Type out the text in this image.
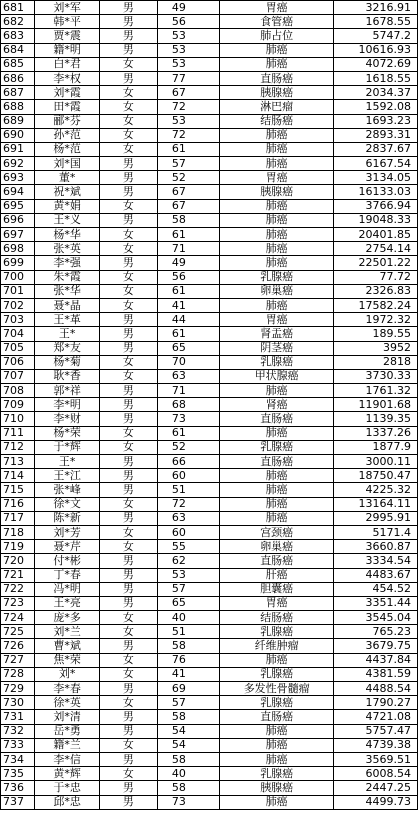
681	刘*军	男	49	胃癌	3216.91
682	韩*平	男	56	食管癌	1678.55
683	贾*震	男	53	肺占位	5747.2
684	籍*明	男	53	肺癌	10616.93
685	白*君	女	53	肺癌	4072.69
686	李*权	男	77	直肠癌	1618.55
687	刘*霞	女	67	胰腺癌	2034.37
688	田*霞	女	72	淋巴瘤	1592.08
689	郦*芬	女	53	结肠癌	1693.23
690	孙*范	女	72	肺癌	2893.31
691	杨*范	女	61	肺癌	2837.67
692	刘*国	男	57	肺癌	6167.54
693	董*	男	52	胃癌	3134.05
694	祝*斌	男	67	胰腺癌	16133.03
695	黄*娟	女	67	肺癌	3766.94
696	王*义	男	58	肺癌	19048.33
697	杨*华	女	61	肺癌	20401.85
698	张*英	女	71	肺癌	2754.14
699	李*强	男	49	肺癌	22501.22
700	朱*霞	女	56	乳腺癌	77.72
701	张*华	女	61	卵巢癌	2326.83
702	聂*晶	女	41	肺癌	17582.24
703	王*革	男	44	胃癌	1972.32
704	王*	男	61	肾盂癌	189.55
705	郑*友	男	65	阴茎癌	3952
706	杨*菊	女	70	乳腺癌	2818
707	耿*香	女	63	甲状腺癌	3730.33
708	郭*祥	男	71	肺癌	1761.32
709	李*明	男	68	肾癌	11901.68
710	李*财	男	73	直肠癌	1139.35
711	杨*荣	女	61	肺癌	1337.26
712	于*辉	女	52	乳腺癌	1877.9
713	王*	男	66	直肠癌	3000.11
714	王*江	男	60	肺癌	18750.47
715	张*峰	男	51	肺癌	4225.32
716	徐*文	女	72	肺癌	13164.11
717	陈*新	男	63	肺癌	2995.91
718	刘*芳	女	60	宫颈癌	5171.4
719	聂*芹	女	55	卵巢癌	3660.87
720	付*彬	男	62	直肠癌	3334.54
721	丁*春	男	53	肝癌	4483.67
722	冯*明	男	57	胆囊癌	454.52
723	王*亮	男	65	胃癌	3351.44
724	庞*多	女	40	结肠癌	3545.04
725	刘*兰	女	51	乳腺癌	765.23
726	曹*斌	男	58	纤维肿瘤	3679.75
727	焦*荣	女	76	肺癌	4437.84
728	刘*	女	41	乳腺癌	4381.59
729	李*春	男	69	多发性骨髓瘤	4488.54
730	徐*英	女	57	乳腺癌	1790.27
731	刘*清	男	58	直肠癌	4721.08
732	岳*勇	男	54	肺癌	5757.47
733	籍*兰	女	54	肺癌	4739.38
734	李*信	男	58	肺癌	3569.51
735	黄*辉	女	40	乳腺癌	6008.54
736	于*忠	男	58	胰腺癌	2447.25
737	邱*忠	男	73	肺癌	4499.73
